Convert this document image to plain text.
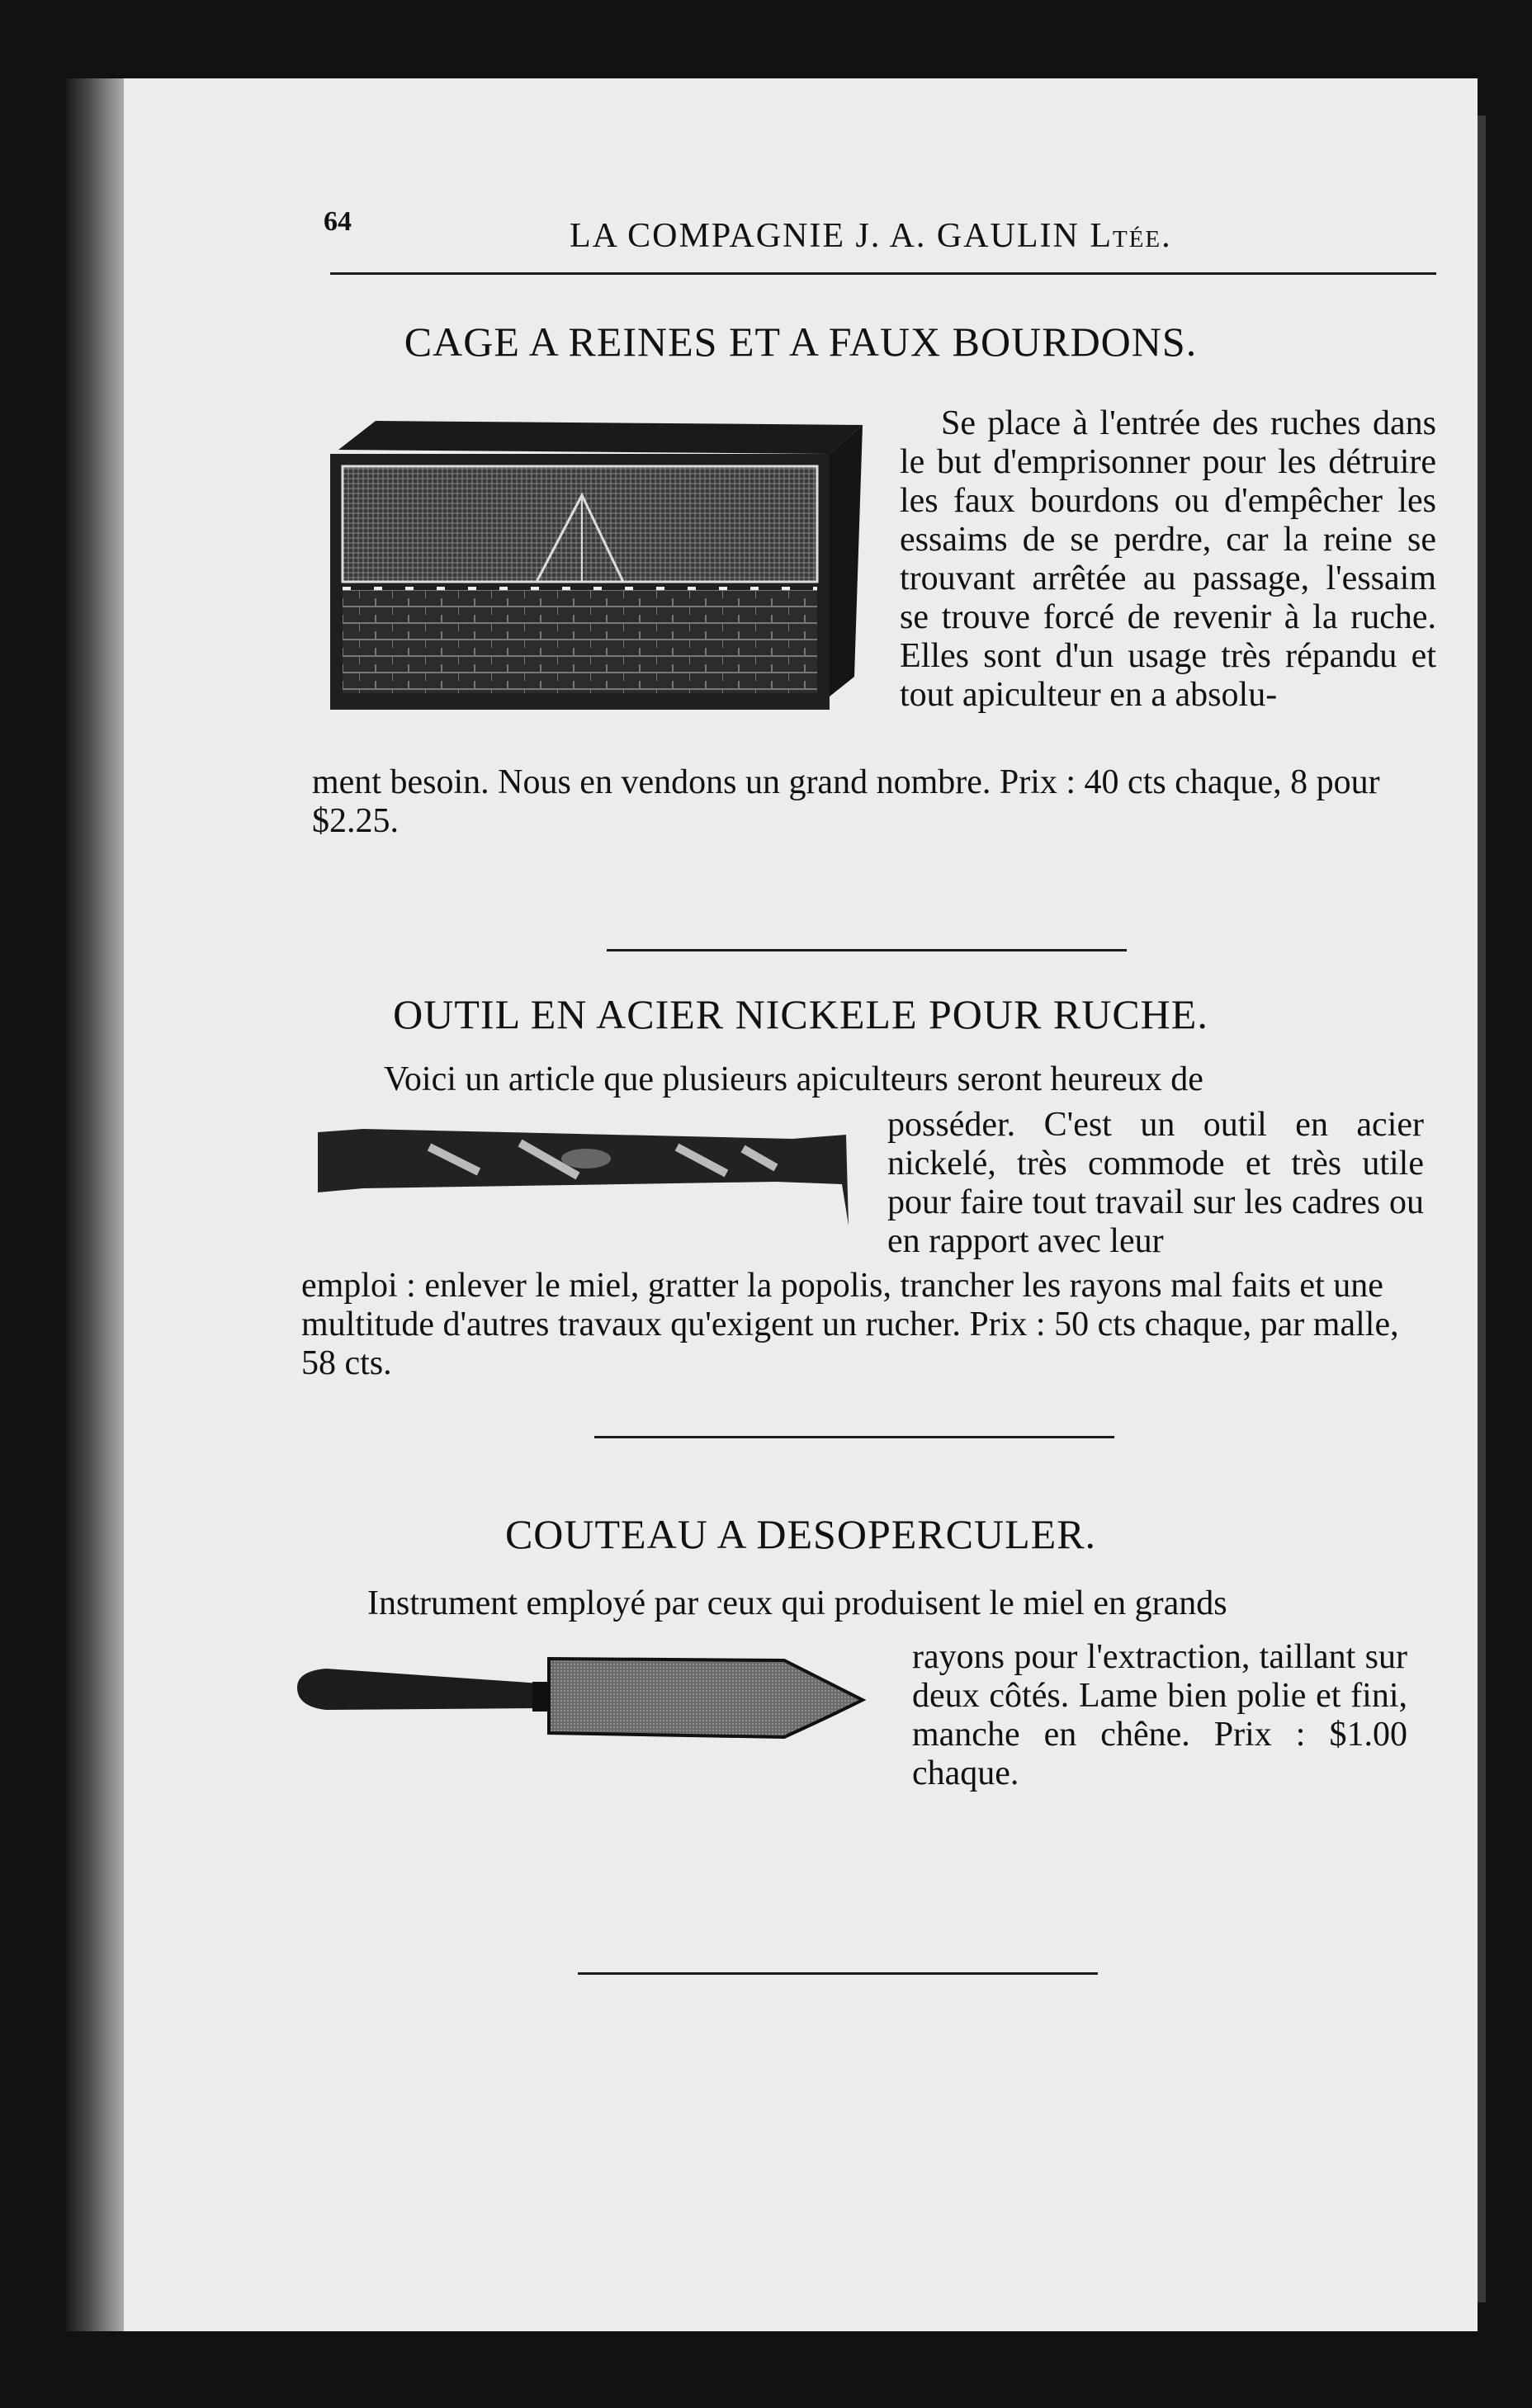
64	LA COMPAGNIE J. A. GAULIN Ltée.
CAGE A REINES ET A FAUX BOURDONS.
Se place à l'entrée des ruches dans le but d'emprisonner pour les détruire les faux bourdons ou d'empêcher les essaims de se perdre, car la reine se trouvant arrêtée au passage, l'essaim se trouve forcé de revenir à la ruche. Elles sont d'un usage très répandu et tout apiculteur en a absolu-
ment besoin. Nous en vendons un grand nombre. Prix : 40 cts chaque, 8 pour $2.25.
OUTIL EN ACIER NICKELE POUR RUCHE.
Voici un article que plusieurs apiculteurs seront heureux de
posséder. C'est un outil en acier nickelé, très commode et très utile pour faire tout travail sur les cadres ou en rapport avec leur
emploi : enlever le miel, gratter la popolis, trancher les rayons mal faits et une multitude d'autres travaux qu'exigent un rucher. Prix : 50 cts chaque, par malle, 58 cts.
COUTEAU A DESOPERCULER.
Instrument employé par ceux qui produisent le miel en grands
rayons pour l'extraction, taillant sur deux côtés. Lame bien polie et fini, manche en chêne. Prix : $1.00 chaque.
